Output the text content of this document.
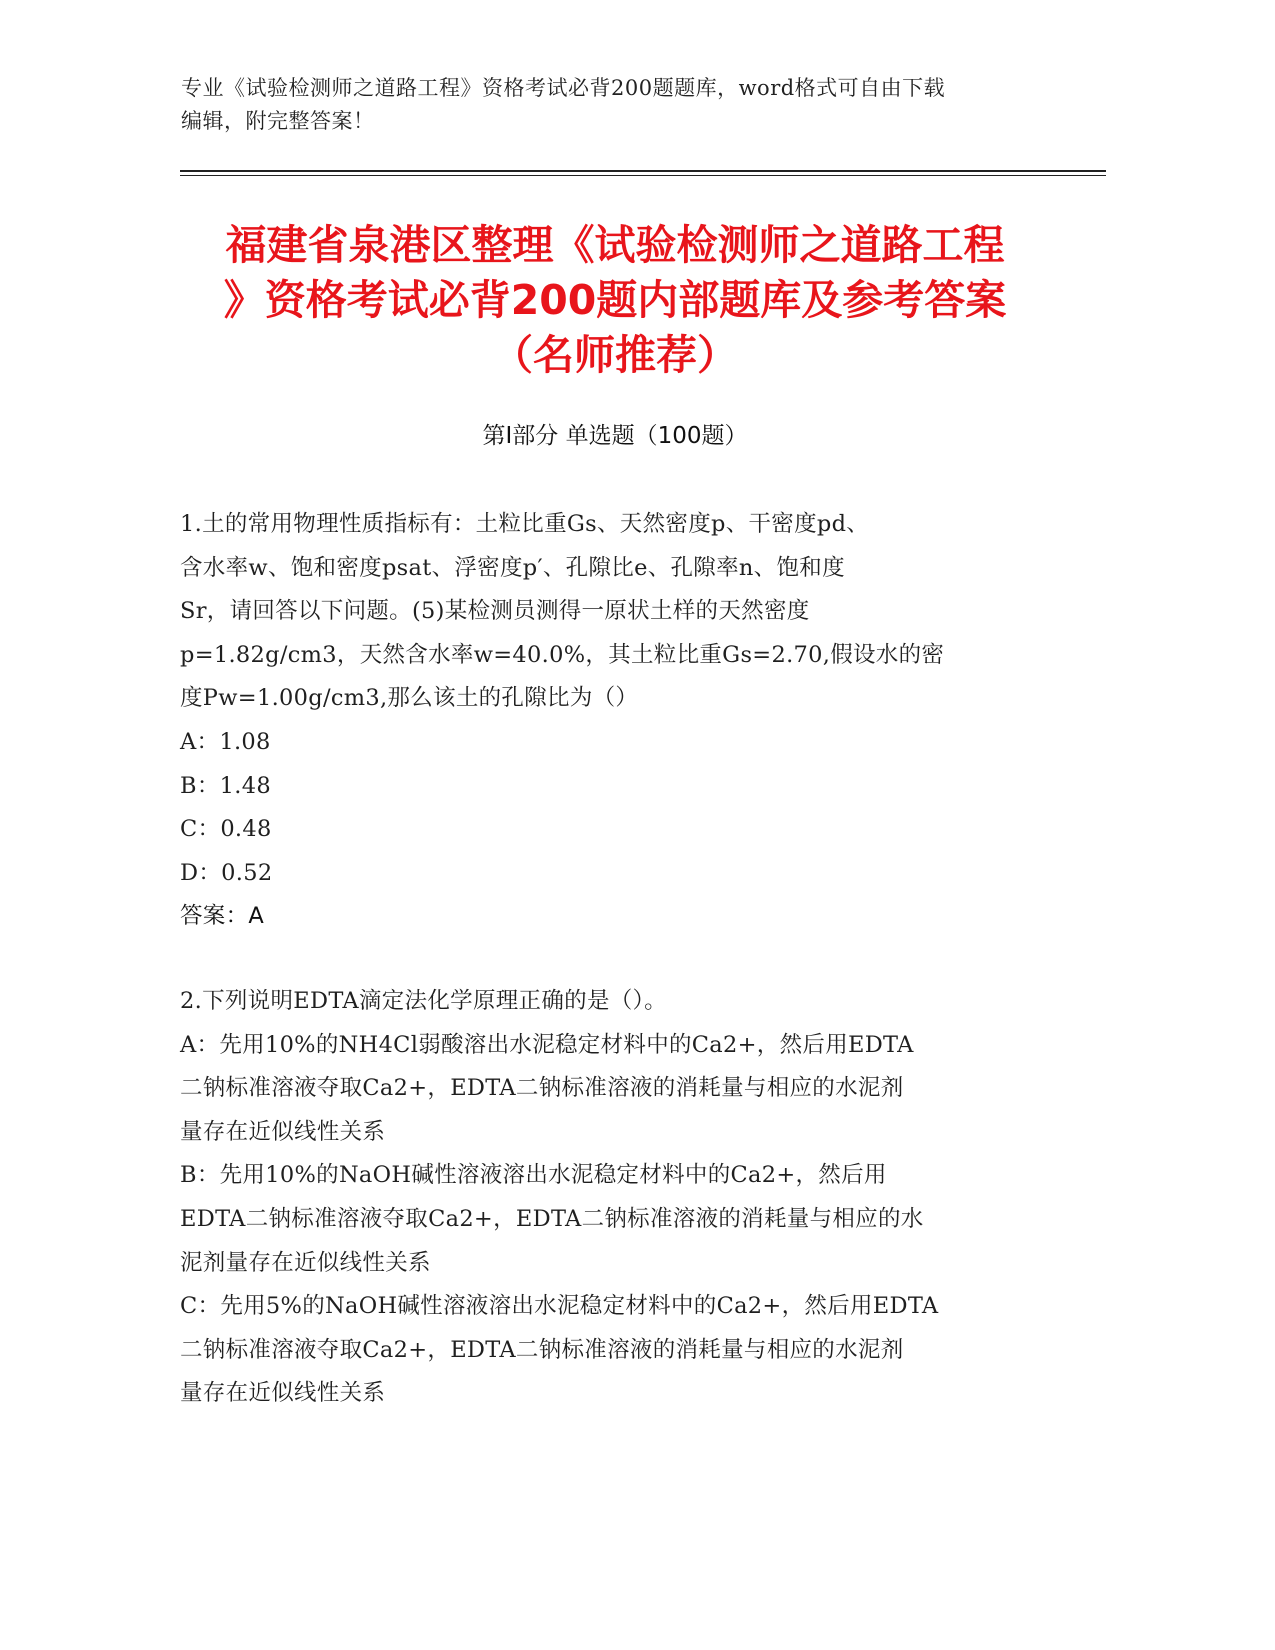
专业《试验检测师之道路工程》资格考试必背200题题库，word格式可自由下载
编辑，附完整答案！
福建省泉港区整理《试验检测师之道路工程
》资格考试必背200题内部题库及参考答案
（名师推荐）
第Ⅰ部分 单选题（100题）
1.土的常用物理性质指标有：土粒比重Gs、天然密度p、干密度pd、
含水率w、饱和密度psat、浮密度p′、孔隙比e、孔隙率n、饱和度
Sr，请回答以下问题。(5)某检测员测得一原状土样的天然密度
p=1.82g/cm3，天然含水率w=40.0%，其土粒比重Gs=2.70,假设水的密
度Pw=1.00g/cm3,那么该土的孔隙比为（）
A：1.08
B：1.48
C：0.48
D：0.52
答案：A
2.下列说明EDTA滴定法化学原理正确的是（）。
A：先用10%的NH4Cl弱酸溶出水泥稳定材料中的Ca2+，然后用EDTA
二钠标准溶液夺取Ca2+，EDTA二钠标准溶液的消耗量与相应的水泥剂
量存在近似线性关系
B：先用10%的NaOH碱性溶液溶出水泥稳定材料中的Ca2+，然后用
EDTA二钠标准溶液夺取Ca2+，EDTA二钠标准溶液的消耗量与相应的水
泥剂量存在近似线性关系
C：先用5%的NaOH碱性溶液溶出水泥稳定材料中的Ca2+，然后用EDTA
二钠标准溶液夺取Ca2+，EDTA二钠标准溶液的消耗量与相应的水泥剂
量存在近似线性关系
